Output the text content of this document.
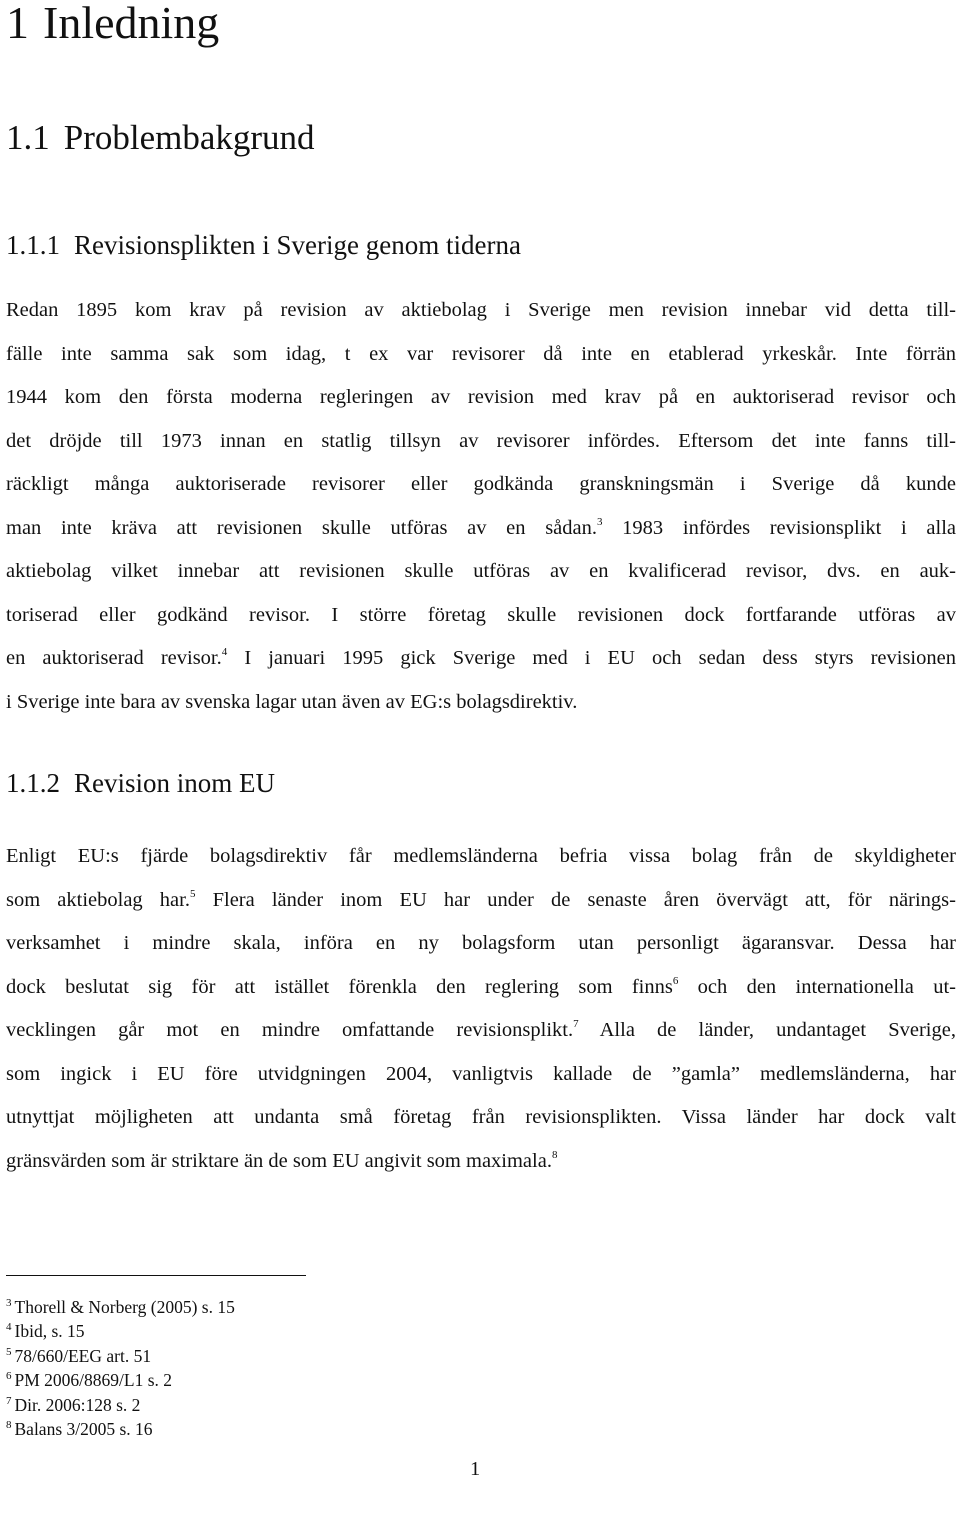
1 Inledning
1.1 Problembakgrund
1.1.1 Revisionsplikten i Sverige genom tiderna
Redan 1895 kom krav på revision av aktiebolag i Sverige men revision innebar vid detta till-
fälle inte samma sak som idag, t ex var revisorer då inte en etablerad yrkeskår. Inte förrän
1944 kom den första moderna regleringen av revision med krav på en auktoriserad revisor och
det dröjde till 1973 innan en statlig tillsyn av revisorer infördes. Eftersom det inte fanns till-
räckligt många auktoriserade revisorer eller godkända granskningsmän i Sverige då kunde
man inte kräva att revisionen skulle utföras av en sådan.$^3$ 1983 infördes revisionsplikt i alla
aktiebolag vilket innebar att revisionen skulle utföras av en kvalificerad revisor, dvs. en auk-
toriserad eller godkänd revisor. I större företag skulle revisionen dock fortfarande utföras av
en auktoriserad revisor.$^4$ I januari 1995 gick Sverige med i EU och sedan dess styrs revisionen
i Sverige inte bara av svenska lagar utan även av EG:s bolagsdirektiv.
1.1.2 Revision inom EU
Enligt EU:s fjärde bolagsdirektiv får medlemsländerna befria vissa bolag från de skyldigheter
som aktiebolag har.$^5$ Flera länder inom EU har under de senaste åren övervägt att, för närings-
verksamhet i mindre skala, införa en ny bolagsform utan personligt ägaransvar. Dessa har
dock beslutat sig för att istället förenkla den reglering som finns$^6$ och den internationella ut-
vecklingen går mot en mindre omfattande revisionsplikt.$^7$ Alla de länder, undantaget Sverige,
som ingick i EU före utvidgningen 2004, vanligtvis kallade de ”gamla” medlemsländerna, har
utnyttjat möjligheten att undanta små företag från revisionsplikten. Vissa länder har dock valt
gränsvärden som är striktare än de som EU angivit som maximala.$^8$
$^3$ Thorell & Norberg (2005) s. 15
$^4$ Ibid, s. 15
$^5$ 78/660/EEG art. 51
$^6$ PM 2006/8869/L1 s. 2
$^7$ Dir. 2006:128 s. 2
$^8$ Balans 3/2005 s. 16
1
